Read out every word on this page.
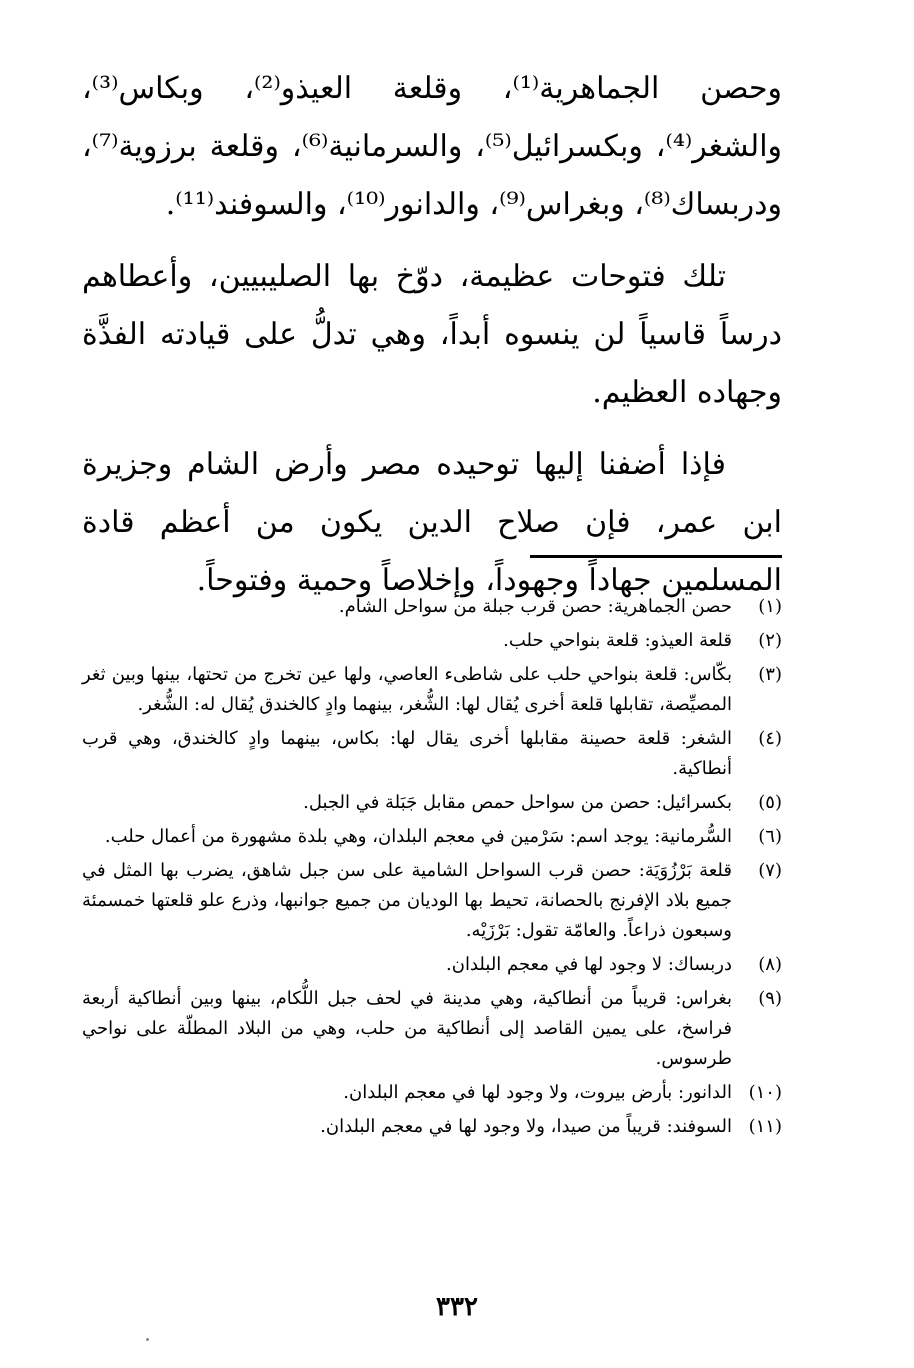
وحصن الجماهرية⁽¹⁾، وقلعة العيذو⁽²⁾، وبكاس⁽³⁾، والشغر⁽⁴⁾، وبكسرائيل⁽⁵⁾، والسرمانية⁽⁶⁾، وقلعة برزوية⁽⁷⁾، ودربساك⁽⁸⁾، وبغراس⁽⁹⁾، والدانور⁽¹⁰⁾، والسوفند⁽¹¹⁾.

تلك فتوحات عظيمة، دوّخ بها الصليبيين، وأعطاهم درساً قاسياً لن ينسوه أبداً، وهي تدلُّ على قيادته الفذَّة وجهاده العظيم.

فإذا أضفنا إليها توحيده مصر وأرض الشام وجزيرة ابن عمر، فإن صلاح الدين يكون من أعظم قادة المسلمين جهاداً وجهوداً، وإخلاصاً وحمية وفتوحاً.

(١)
حصن الجماهرية: حصن قرب جبلة من سواحل الشام.
(٢)
قلعة العيذو: قلعة بنواحي حلب.
(٣)
بكّاس: قلعة بنواحي حلب على شاطىء العاصي، ولها عين تخرج من تحتها، بينها وبين ثغر المصيِّصة، تقابلها قلعة أخرى يُقال لها: الشُّغر، بينهما وادٍ كالخندق يُقال له: الشُّغر.
(٤)
الشغر: قلعة حصينة مقابلها أخرى يقال لها: بكاس، بينهما وادٍ كالخندق، وهي قرب أنطاكية.
(٥)
بكسرائيل: حصن من سواحل حمص مقابل جَبَلة في الجبل.
(٦)
السُّرمانية: يوجد اسم: سَرْمين في معجم البلدان، وهي بلدة مشهورة من أعمال حلب.
(٧)
قلعة بَرْزُوَيَة: حصن قرب السواحل الشامية على سن جبل شاهق، يضرب بها المثل في جميع بلاد الإفرنج بالحصانة، تحيط بها الوديان من جميع جوانبها، وذرع علو قلعتها خمسمئة وسبعون ذراعاً. والعامّة تقول: بَرْزَيْه.
(٨)
دربساك: لا وجود لها في معجم البلدان.
(٩)
بغراس: قريباً من أنطاكية، وهي مدينة في لحف جبل اللُّكام، بينها وبين أنطاكية أربعة فراسخ، على يمين القاصد إلى أنطاكية من حلب، وهي من البلاد المطلّة على نواحي طرسوس.
(١٠)
الدانور: بأرض بيروت، ولا وجود لها في معجم البلدان.
(١١)
السوفند: قريباً من صيدا، ولا وجود لها في معجم البلدان.
٣٣٢
